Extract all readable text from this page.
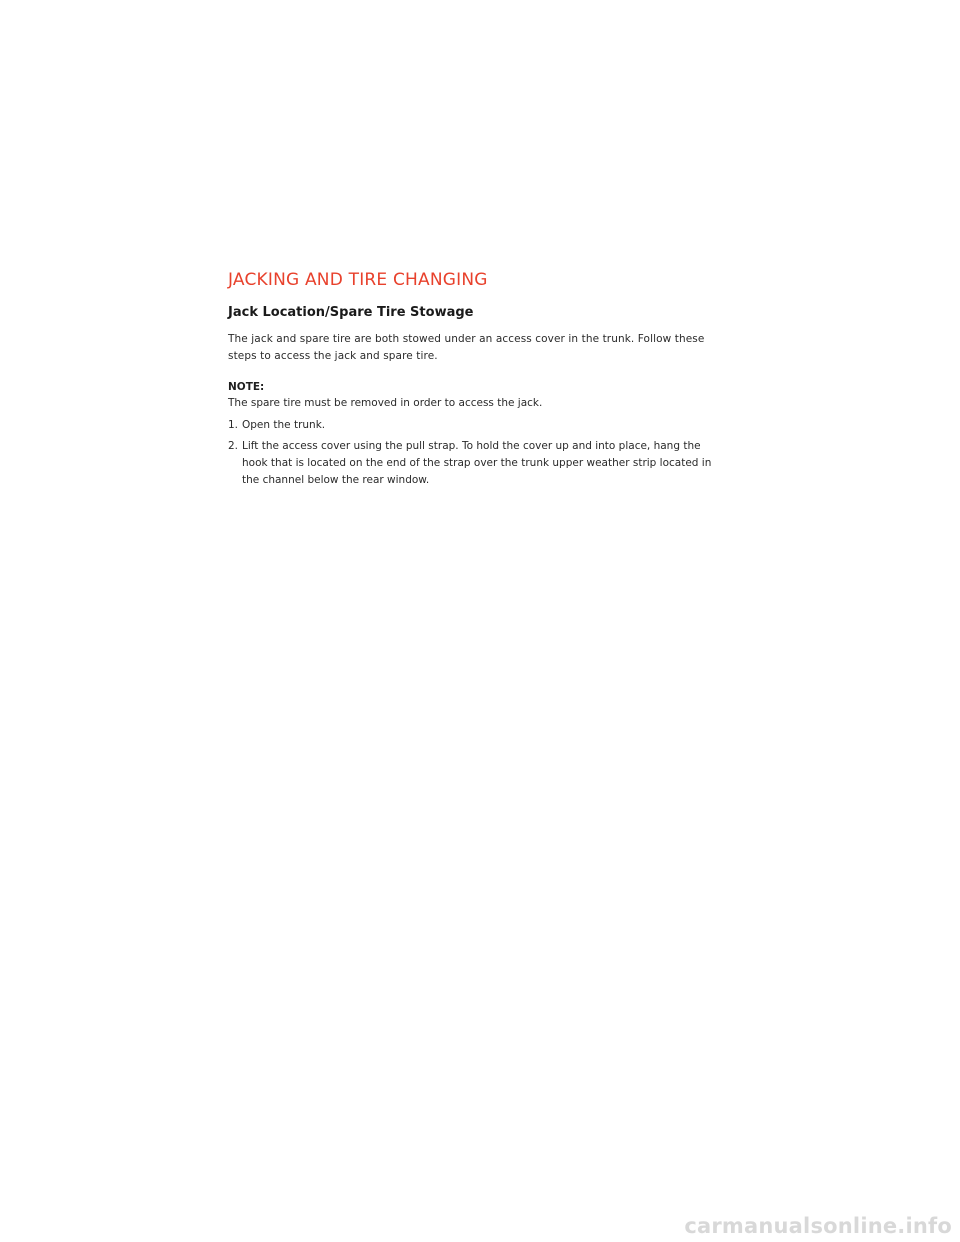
JACKING AND TIRE CHANGING
Jack Location/Spare Tire Stowage

The jack and spare tire are both stowed under an access cover in the trunk. Follow these steps to access the jack and spare tire.

NOTE:

The spare tire must be removed in order to access the jack.

1. Open the trunk.
2. Lift the access cover using the pull strap. To hold the cover up and into place, hang the hook that is located on the end of the strap over the trunk upper weather strip located in the channel below the rear window.
carmanualsonline.info
